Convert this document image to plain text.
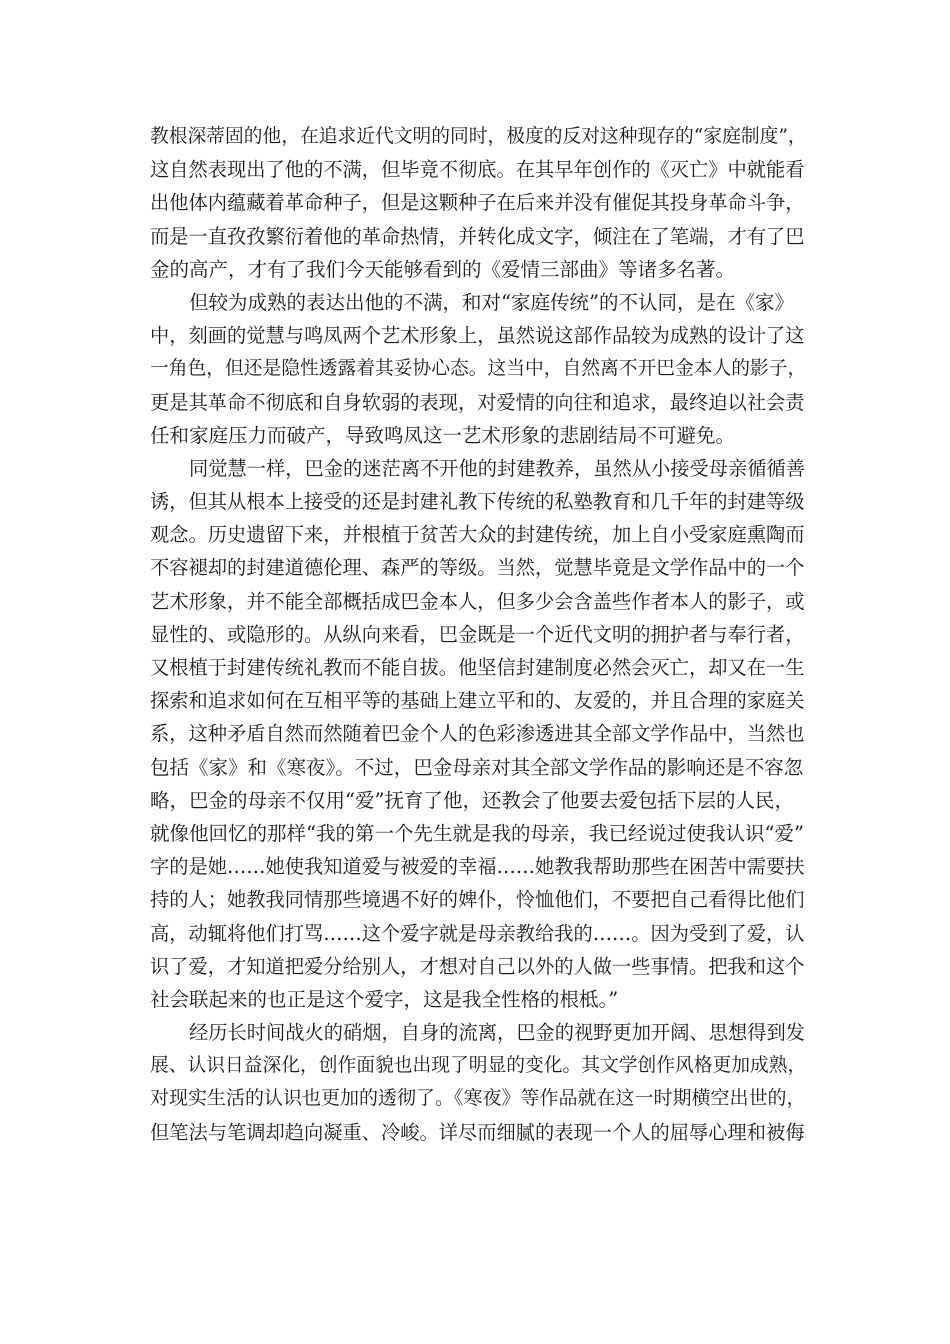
教根深蒂固的他，在追求近代文明的同时，极度的反对这种现存的“家庭制度”，
这自然表现出了他的不满，但毕竟不彻底。在其早年创作的《灭亡》中就能看
出他体内蕴藏着革命种子，但是这颗种子在后来并没有催促其投身革命斗争，
而是一直孜孜繁衍着他的革命热情，并转化成文字，倾注在了笔端，才有了巴
金的高产，才有了我们今天能够看到的《爱情三部曲》等诸多名著。
但较为成熟的表达出他的不满，和对“家庭传统”的不认同，是在《家》
中，刻画的觉慧与鸣凤两个艺术形象上，虽然说这部作品较为成熟的设计了这
一角色，但还是隐性透露着其妥协心态。这当中，自然离不开巴金本人的影子，
更是其革命不彻底和自身软弱的表现，对爱情的向往和追求，最终迫以社会责
任和家庭压力而破产，导致鸣凤这一艺术形象的悲剧结局不可避免。
同觉慧一样，巴金的迷茫离不开他的封建教养，虽然从小接受母亲循循善
诱，但其从根本上接受的还是封建礼教下传统的私塾教育和几千年的封建等级
观念。历史遗留下来，并根植于贫苦大众的封建传统，加上自小受家庭熏陶而
不容褪却的封建道德伦理、森严的等级。当然，觉慧毕竟是文学作品中的一个
艺术形象，并不能全部概括成巴金本人，但多少会含盖些作者本人的影子，或
显性的、或隐形的。从纵向来看，巴金既是一个近代文明的拥护者与奉行者，
又根植于封建传统礼教而不能自拔。他坚信封建制度必然会灭亡，却又在一生
探索和追求如何在互相平等的基础上建立平和的、友爱的，并且合理的家庭关
系，这种矛盾自然而然随着巴金个人的色彩渗透进其全部文学作品中，当然也
包括《家》和《寒夜》。不过，巴金母亲对其全部文学作品的影响还是不容忽
略，巴金的母亲不仅用“爱”抚育了他，还教会了他要去爱包括下层的人民，
就像他回忆的那样“我的第一个先生就是我的母亲，我已经说过使我认识“爱”
字的是她……她使我知道爱与被爱的幸福……她教我帮助那些在困苦中需要扶
持的人；她教我同情那些境遇不好的婢仆，怜恤他们，不要把自己看得比他们
高，动辄将他们打骂……这个爱字就是母亲教给我的……。因为受到了爱，认
识了爱，才知道把爱分给别人，才想对自己以外的人做一些事情。把我和这个
社会联起来的也正是这个爱字，这是我全性格的根柢。”
经历长时间战火的硝烟，自身的流离，巴金的视野更加开阔、思想得到发
展、认识日益深化，创作面貌也出现了明显的变化。其文学创作风格更加成熟，
对现实生活的认识也更加的透彻了。《寒夜》等作品就在这一时期横空出世的，
但笔法与笔调却趋向凝重、冷峻。详尽而细腻的表现一个人的屈辱心理和被侮
